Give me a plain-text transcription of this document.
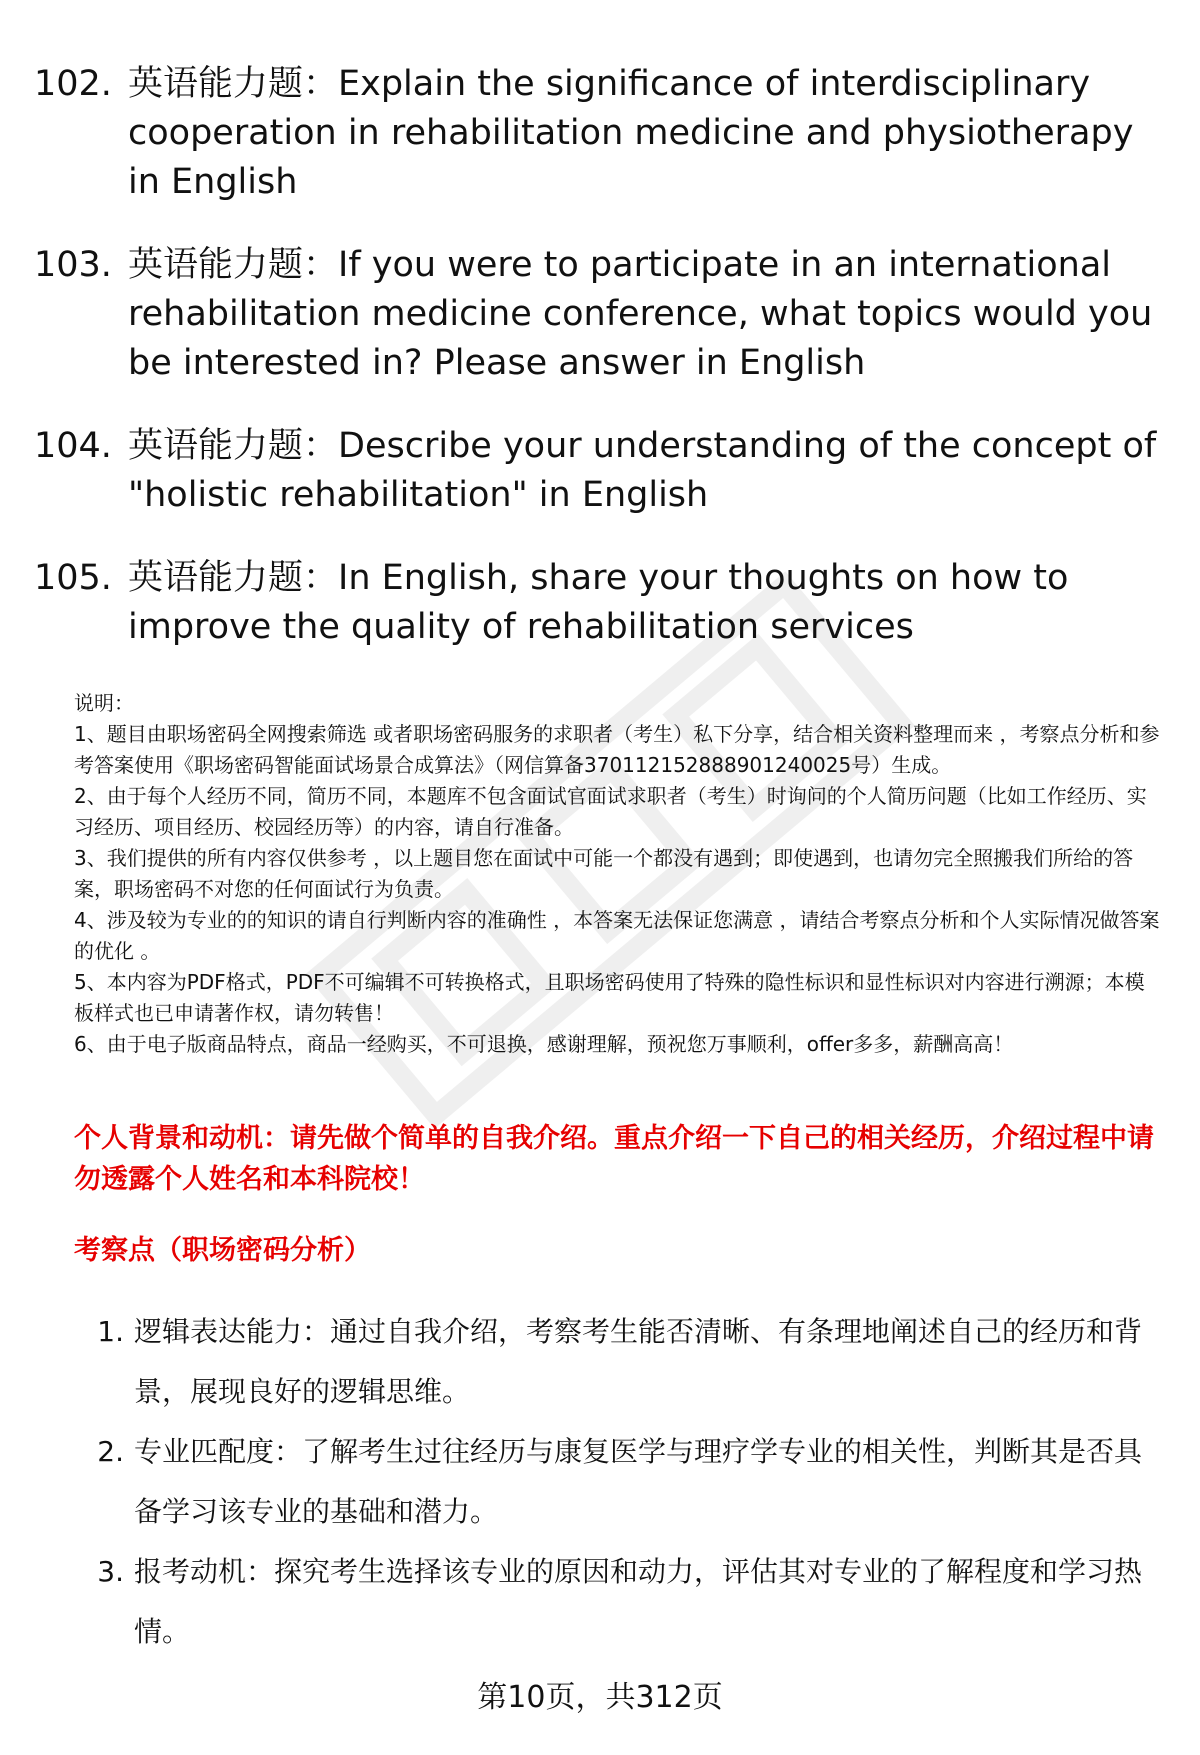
102. 英语能力题：Explain the significance of interdisciplinary cooperation in rehabilitation medicine and physiotherapy in English
103. 英语能力题：If you were to participate in an international rehabilitation medicine conference, what topics would you be interested in? Please answer in English
104. 英语能力题：Describe your understanding of the concept of "holistic rehabilitation" in English
105. 英语能力题：In English, share your thoughts on how to improve the quality of rehabilitation services

说明：

1、题目由职场密码全网搜索筛选 或者职场密码服务的求职者（考生）私下分享，结合相关资料整理而来 ，考察点分析和参考答案使用《职场密码智能面试场景合成算法》（网信算备370112152888901240025号）生成。

2、由于每个人经历不同，简历不同，本题库不包含面试官面试求职者（考生）时询问的个人简历问题（比如工作经历、实习经历、项目经历、校园经历等）的内容，请自行准备。

3、我们提供的所有内容仅供参考 ，以上题目您在面试中可能一个都没有遇到；即使遇到，也请勿完全照搬我们所给的答案，职场密码不对您的任何面试行为负责。

4、涉及较为专业的的知识的请自行判断内容的准确性 ，本答案无法保证您满意 ，请结合考察点分析和个人实际情况做答案的优化 。

5、本内容为PDF格式，PDF不可编辑不可转换格式，且职场密码使用了特殊的隐性标识和显性标识对内容进行溯源；本模板样式也已申请著作权，请勿转售！

6、由于电子版商品特点，商品一经购买，不可退换，感谢理解，预祝您万事顺利，offer多多，薪酬高高！

个人背景和动机：请先做个简单的自我介绍。重点介绍一下自己的相关经历，介绍过程中请勿透露个人姓名和本科院校！
考察点（职场密码分析）
1. 逻辑表达能力：通过自我介绍，考察考生能否清晰、有条理地阐述自己的经历和背景，展现良好的逻辑思维。
2. 专业匹配度：了解考生过往经历与康复医学与理疗学专业的相关性，判断其是否具备学习该专业的基础和潜力。
3. 报考动机：探究考生选择该专业的原因和动力，评估其对专业的了解程度和学习热情。
第10页，共312页
